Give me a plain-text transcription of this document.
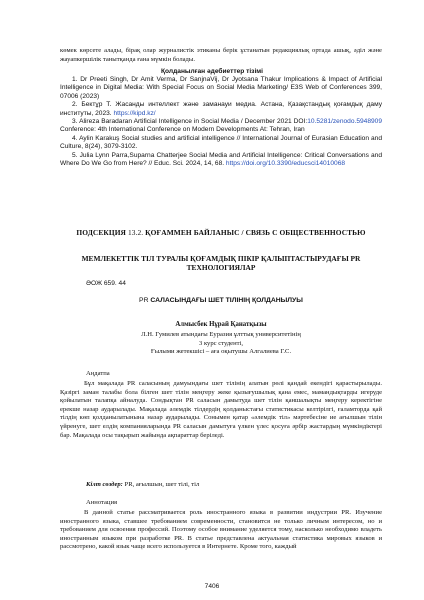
көмек көрсете алады, бірақ олар журналистік этиканы берік ұстанатын редакциялық ортада ашық, әділ және жауапкершілік танытқанда ғана мүмкін болады.
Қолданылған әдебиеттер тізімі

1. Dr Preeti Singh, Dr Amit Verma, Dr SanjnaVij, Dr Jyotsana Thakur Implications & Impact of Artificial Intelligence in Digital Media: With Special Focus on Social Media Marketing/ E3S Web of Conferences 399, 07006 (2023)

2. Бектұр Т. Жасанды интеллект және заманауи медиа. Астана, Қазақстандық қоғамдық даму институты, 2023. https://kipd.kz/

3. Alireza Baradaran Artificial Intelligence in Social Media / December 2021 DOI:10.5281/zenodo.5948909 Conference: 4th International Conference on Modern Developments At: Tehran, Iran

4. Aylin Karakuş Social studies and artificial intelligence // International Journal of Eurasian Education and Culture, 8(24), 3079-3102.

5. Julia Lynn Parra,Suparna Chatterjee Social Media and Artificial Intelligence: Critical Conversations and Where Do We Go from Here? // Educ. Sci. 2024, 14, 68. https://doi.org/10.3390/educsci14010068

ПОДСЕКЦИЯ 13.2. ҚОҒАММЕН БАЙЛАНЫС / СВЯЗЬ С ОБЩЕСТВЕННОСТЬЮ
МЕМЛЕКЕТТІК ТІЛ ТУРАЛЫ ҚОҒАМДЫҚ ПІКІР ҚАЛЫПТАСТЫРУДАҒЫ PR ТЕХНОЛОГИЯЛАР
ӘОЖ 659. 44
PR САЛАСЫНДАҒЫ ШЕТ ТІЛІНІҢ ҚОЛДАНЫЛУЫ
Алмысбек Нұрай Қанатқызы
Л.Н. Гумилев атындағы Еуразия ұлттық университетінің
3 курс студенті,
Ғылыми жетекшісі – аға оқытушы Алгалиева Г.С.
Аңдатпа

Бұл мақалада PR саласының дамуындағы шет тілінің алатын рөлі қандай екендігі қарастырылады. Қазіргі заман талабы бола білген шет тілін меңгеру жеке қызығушылық қана емес, мамандықтарды игеруде қойылатын талапқа айналуда. Сондықтан PR саласын дамытуда шет тілін қаншалықты меңгеру керектігіне ерекше назар аударылады. Мақалада әлемдік тілдердің қолданыстағы статистикасы келтірілгі, ғаламторда қай тілдің көп қолданылатынына назар аударылады. Сонымен қатар «әлемдік тіл» мәртебесіне ие ағылшын тілін үйренуге, шет елдің компанияларында PR саласын дамытуға үлкен үлес қосуға әрбір жастардың мүмкіндіктері бар. Мақалада осы тақырып жайында ақпараттар беріледі.

Кілт сөздер: PR, ағылшын, шет тілі, тіл
Аннотация

В данной статье рассматривается роль иностранного языка в развитии индустрии PR. Изучение иностранного языка, ставшее требованием современности, становится не только личным интересом, но и требованием для освоения профессий. Поэтому особое внимание уделяется тому, насколько необходимо владеть иностранным языком при разработке PR. В статье представлена актуальная статистика мировых языков и рассмотрено, какой язык чаще всего используется в Интернете. Кроме того, каждый

7406
